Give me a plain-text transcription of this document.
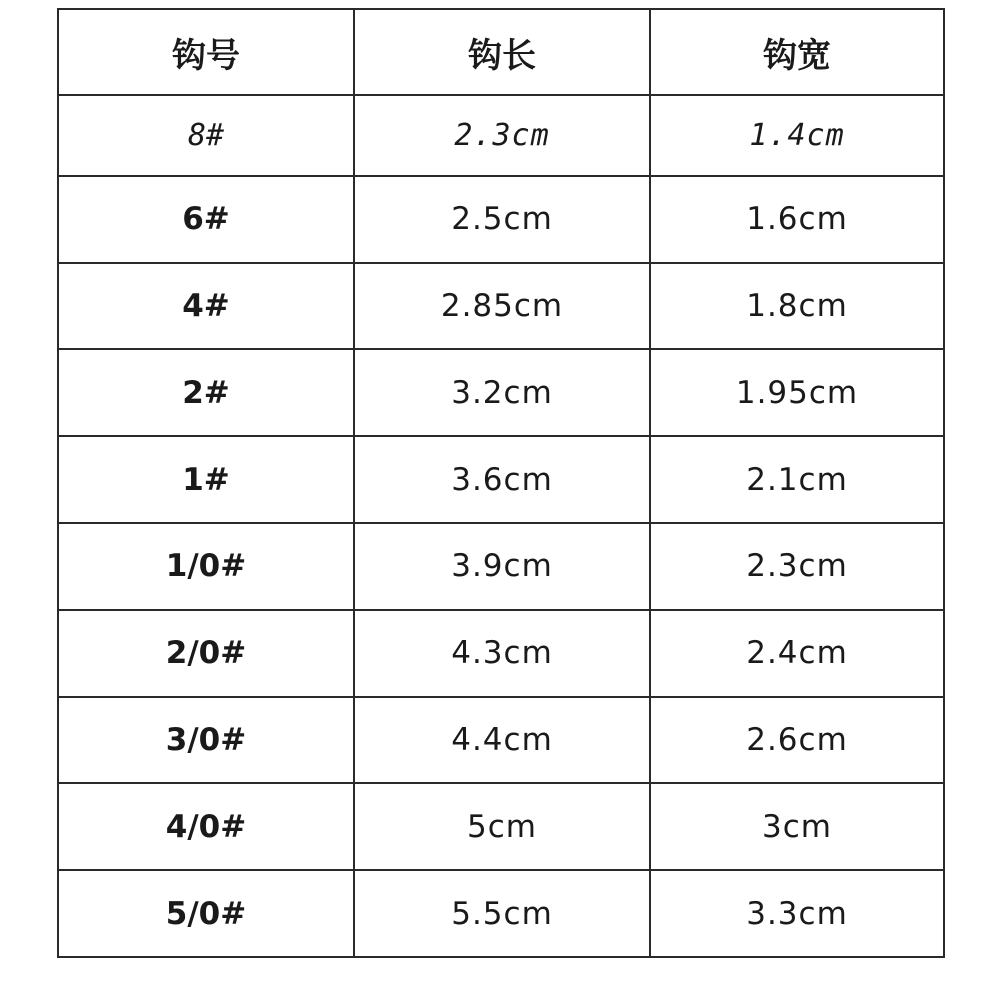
钩号	钩长	钩宽
8#	2.3cm	1.4cm
6#	2.5cm	1.6cm
4#	2.85cm	1.8cm
2#	3.2cm	1.95cm
1#	3.6cm	2.1cm
1/0#	3.9cm	2.3cm
2/0#	4.3cm	2.4cm
3/0#	4.4cm	2.6cm
4/0#	5cm	3cm
5/0#	5.5cm	3.3cm
